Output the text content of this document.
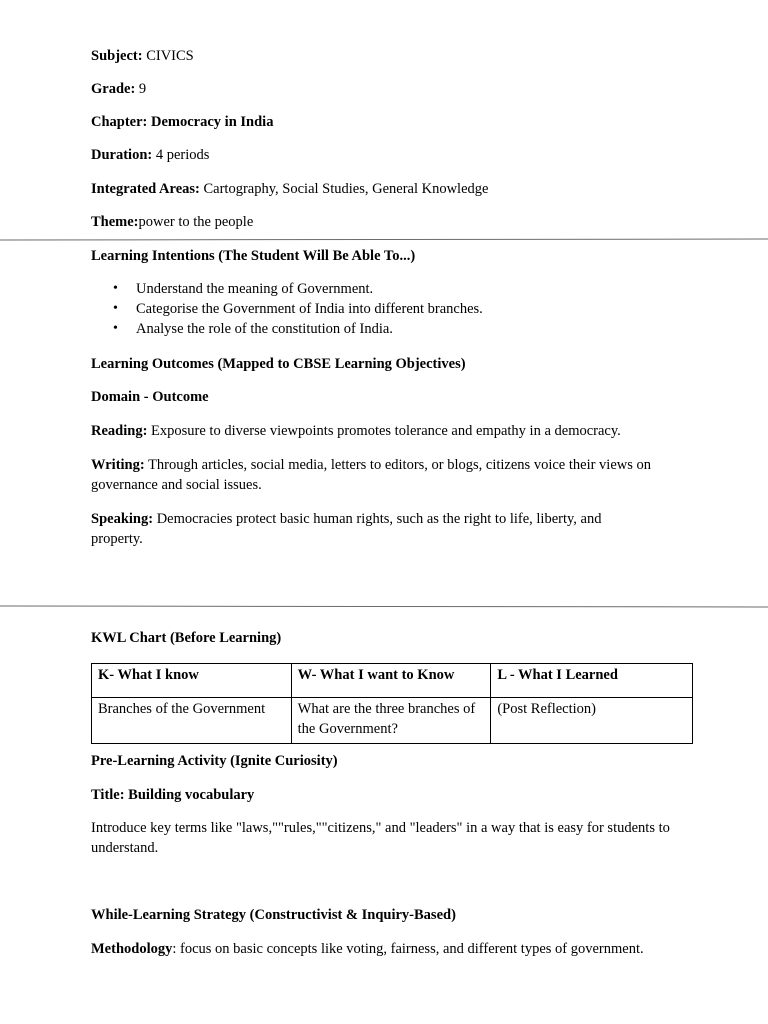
Subject: CIVICS
Grade: 9
Chapter: Democracy in India
Duration: 4 periods
Integrated Areas: Cartography, Social Studies, General Knowledge
Theme:power to the people
Learning Intentions (The Student Will Be Able To...)
• Understand the meaning of Government.
• Categorise the Government of India into different branches.
• Analyse the role of the constitution of India.
Learning Outcomes (Mapped to CBSE Learning Objectives)
Domain - Outcome
Reading: Exposure to diverse viewpoints promotes tolerance and empathy in a democracy.
Writing: Through articles, social media, letters to editors, or blogs, citizens voice their views on governance and social issues.
Speaking: Democracies protect basic human rights, such as the right to life, liberty, and property.
KWL Chart (Before Learning)
K- What I know	W- What I want to Know	L - What I Learned
Branches of the Government	What are the three branches of the Government?	(Post Reflection)
Pre-Learning Activity (Ignite Curiosity)
Title: Building vocabulary
Introduce key terms like "laws,""rules,""citizens," and "leaders" in a way that is easy for students to understand.
While-Learning Strategy (Constructivist & Inquiry-Based)
Methodology: focus on basic concepts like voting, fairness, and different types of government.
